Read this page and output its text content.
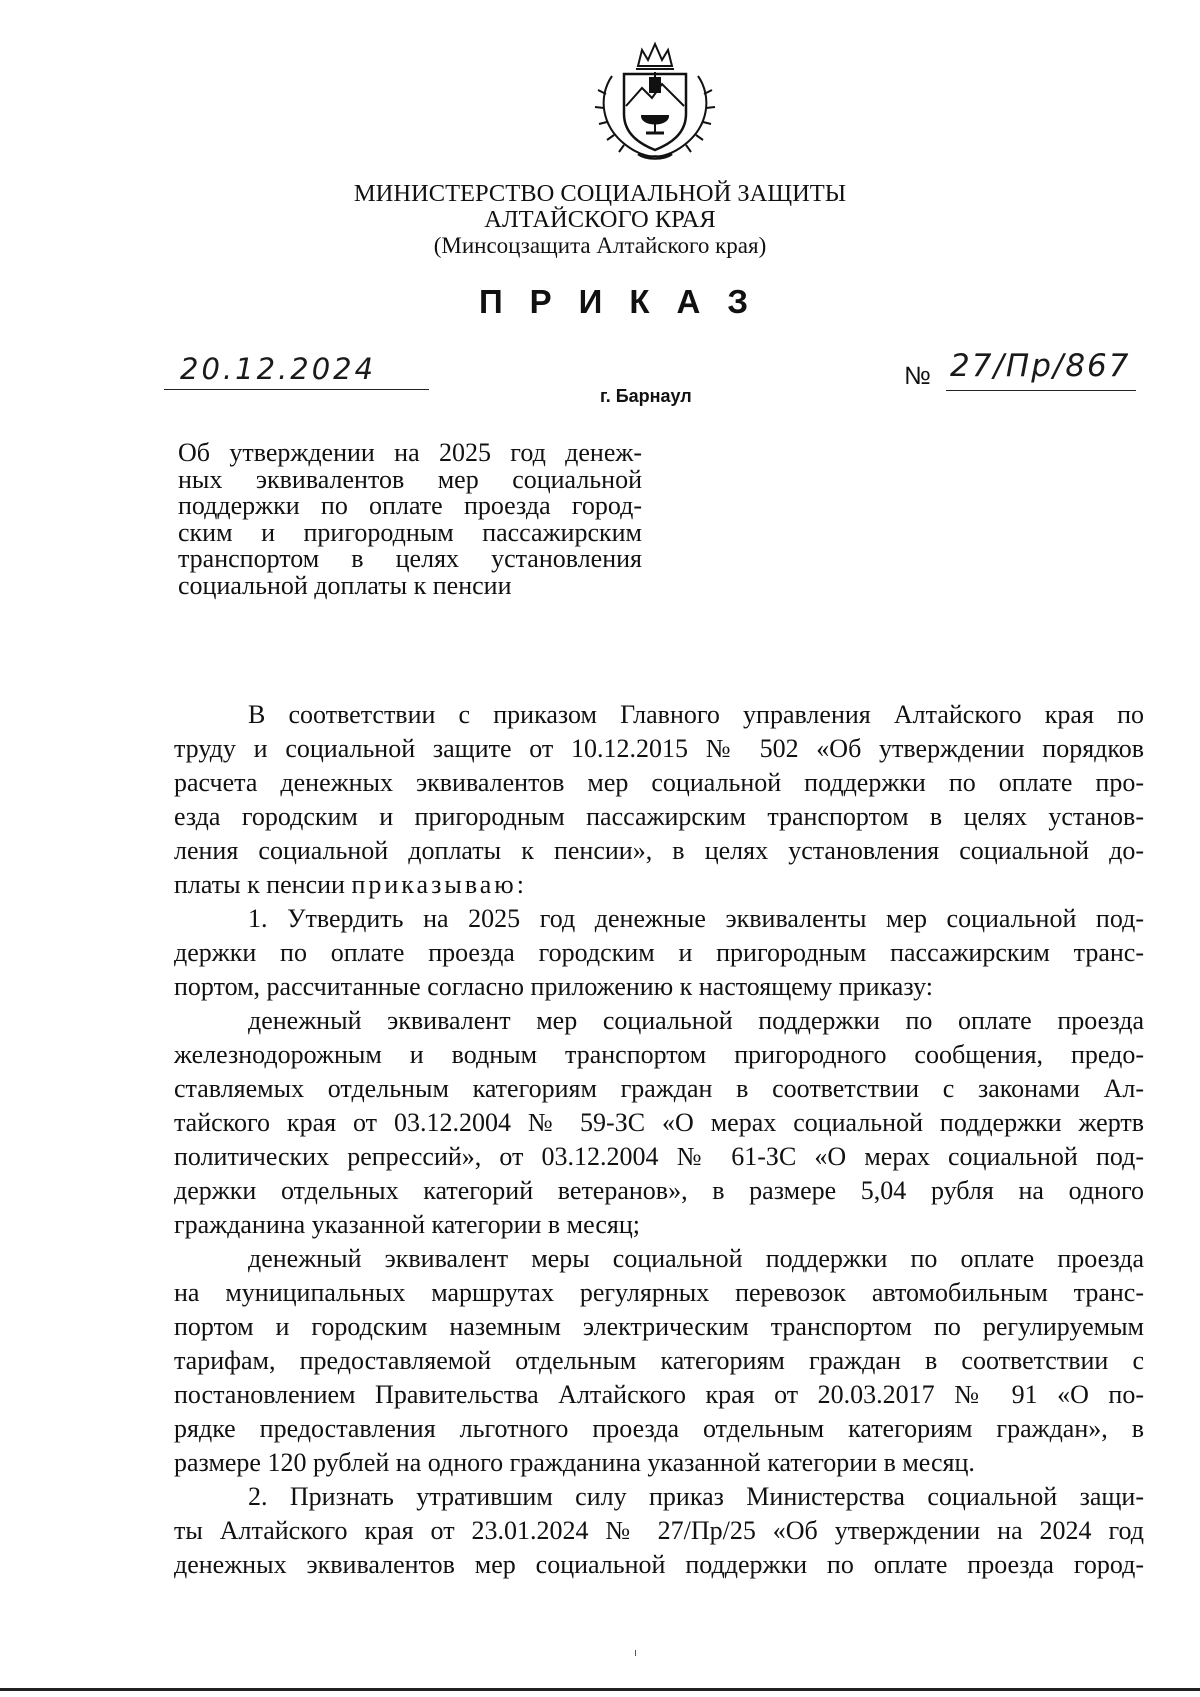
МИНИСТЕРСТВО СОЦИАЛЬНОЙ ЗАЩИТЫ
АЛТАЙСКОГО КРАЯ
(Минсоцзащита Алтайского края)
ПРИКАЗ
20.12.2024	№ 27/Пр/867
г. Барнаул
Об утверждении на 2025 год денеж-
ных эквивалентов мер социальной
поддержки по оплате проезда город-
ским и пригородным пассажирским
транспортом в целях установления
социальной доплаты к пенсии
В соответствии с приказом Главного управления Алтайского края по
труду и социальной защите от 10.12.2015 № 502 «Об утверждении порядков
расчета денежных эквивалентов мер социальной поддержки по оплате про-
езда городским и пригородным пассажирским транспортом в целях установ-
ления социальной доплаты к пенсии», в целях установления социальной до-
платы к пенсии приказываю:
1. Утвердить на 2025 год денежные эквиваленты мер социальной под-
держки по оплате проезда городским и пригородным пассажирским транс-
портом, рассчитанные согласно приложению к настоящему приказу:
денежный эквивалент мер социальной поддержки по оплате проезда
железнодорожным и водным транспортом пригородного сообщения, предо-
ставляемых отдельным категориям граждан в соответствии с законами Ал-
тайского края от 03.12.2004 № 59-ЗС «О мерах социальной поддержки жертв
политических репрессий», от 03.12.2004 № 61-ЗС «О мерах социальной под-
держки отдельных категорий ветеранов», в размере 5,04 рубля на одного
гражданина указанной категории в месяц;
денежный эквивалент меры социальной поддержки по оплате проезда
на муниципальных маршрутах регулярных перевозок автомобильным транс-
портом и городским наземным электрическим транспортом по регулируемым
тарифам, предоставляемой отдельным категориям граждан в соответствии с
постановлением Правительства Алтайского края от 20.03.2017 № 91 «О по-
рядке предоставления льготного проезда отдельным категориям граждан», в
размере 120 рублей на одного гражданина указанной категории в месяц.
2. Признать утратившим силу приказ Министерства социальной защи-
ты Алтайского края от 23.01.2024 № 27/Пр/25 «Об утверждении на 2024 год
денежных эквивалентов мер социальной поддержки по оплате проезда город-
